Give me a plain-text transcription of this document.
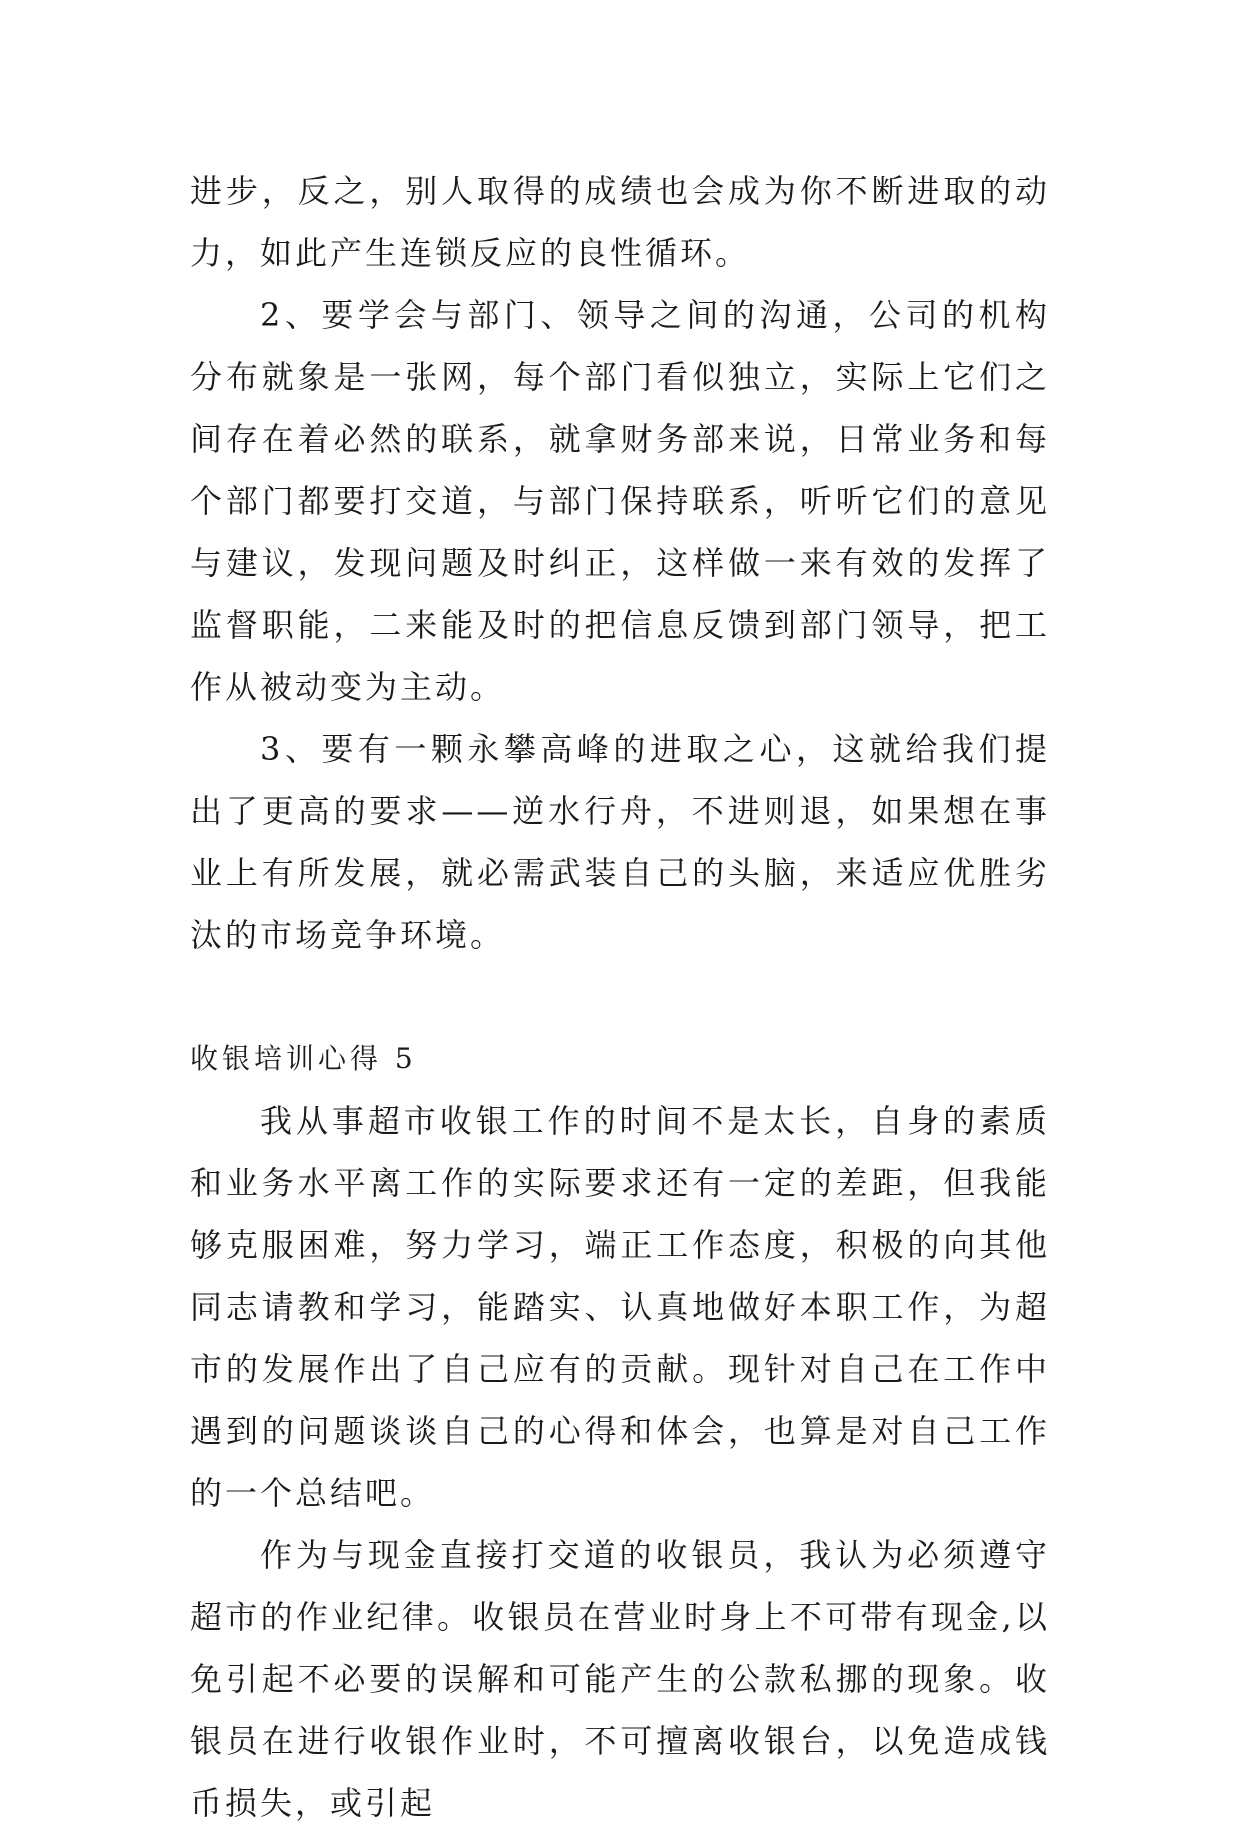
进步，反之，别人取得的成绩也会成为你不断进取的动力，如此产生连锁反应的良性循环。

2、要学会与部门、领导之间的沟通，公司的机构分布就象是一张网，每个部门看似独立，实际上它们之间存在着必然的联系，就拿财务部来说，日常业务和每个部门都要打交道，与部门保持联系，听听它们的意见与建议，发现问题及时纠正，这样做一来有效的发挥了监督职能，二来能及时的把信息反馈到部门领导，把工作从被动变为主动。

3、要有一颗永攀高峰的进取之心，这就给我们提出了更高的要求——逆水行舟，不进则退，如果想在事业上有所发展，就必需武装自己的头脑，来适应优胜劣汰的市场竞争环境。

收银培训心得 5

我从事超市收银工作的时间不是太长，自身的素质和业务水平离工作的实际要求还有一定的差距，但我能够克服困难，努力学习，端正工作态度，积极的向其他同志请教和学习，能踏实、认真地做好本职工作，为超市的发展作出了自己应有的贡献。现针对自己在工作中遇到的问题谈谈自己的心得和体会，也算是对自己工作的一个总结吧。

作为与现金直接打交道的收银员，我认为必须遵守超市的作业纪律。收银员在营业时身上不可带有现金,以免引起不必要的误解和可能产生的公款私挪的现象。收银员在进行收银作业时，不可擅离收银台，以免造成钱币损失，或引起
